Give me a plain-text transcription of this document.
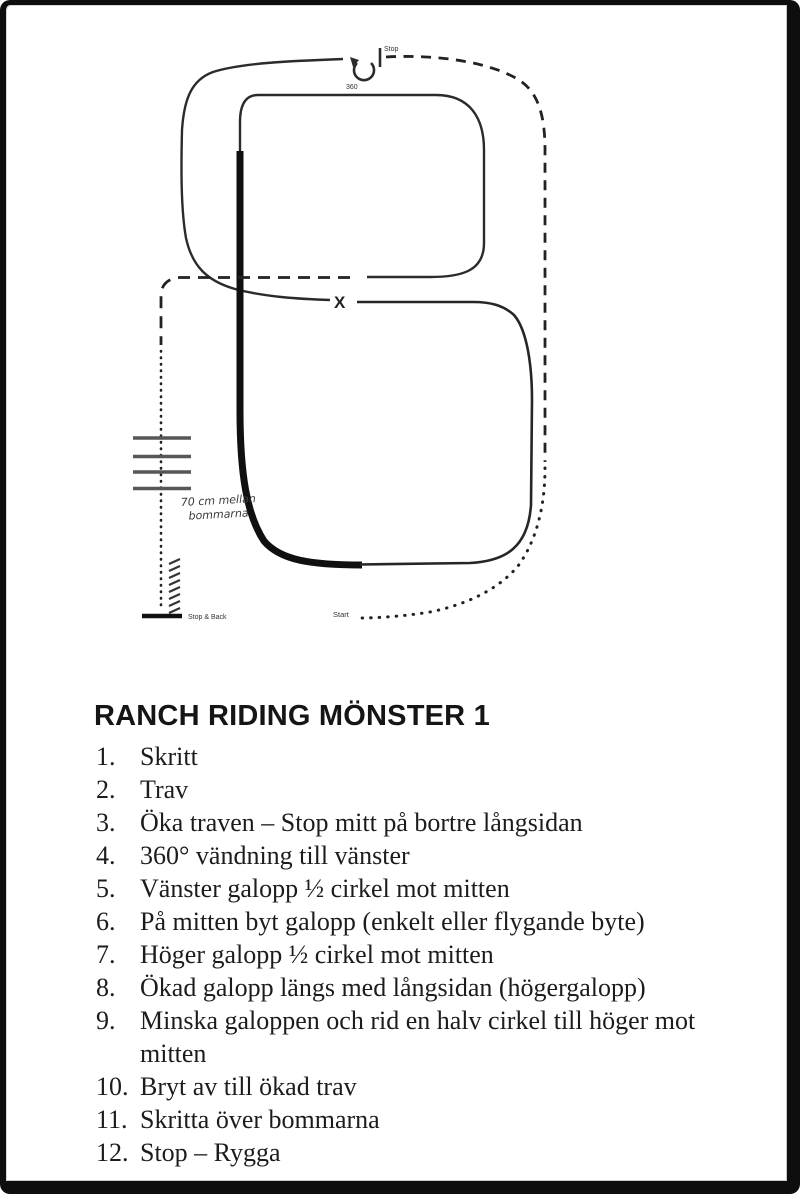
360
Stop
Start
X
70 cm mellan
bommarna
Stop & Back
RANCH RIDING MÖNSTER 1
1. Skritt
2. Trav
3. Öka traven – Stop mitt på bortre långsidan
4. 360° vändning till vänster
5. Vänster galopp ½ cirkel mot mitten
6. På mitten byt galopp (enkelt eller flygande byte)
7. Höger galopp ½ cirkel mot mitten
8. Ökad galopp längs med långsidan (högergalopp)
9. Minska galoppen och rid en halv cirkel till höger mot mitten
10. Bryt av till ökad trav
11. Skritta över bommarna
12. Stop – Rygga
